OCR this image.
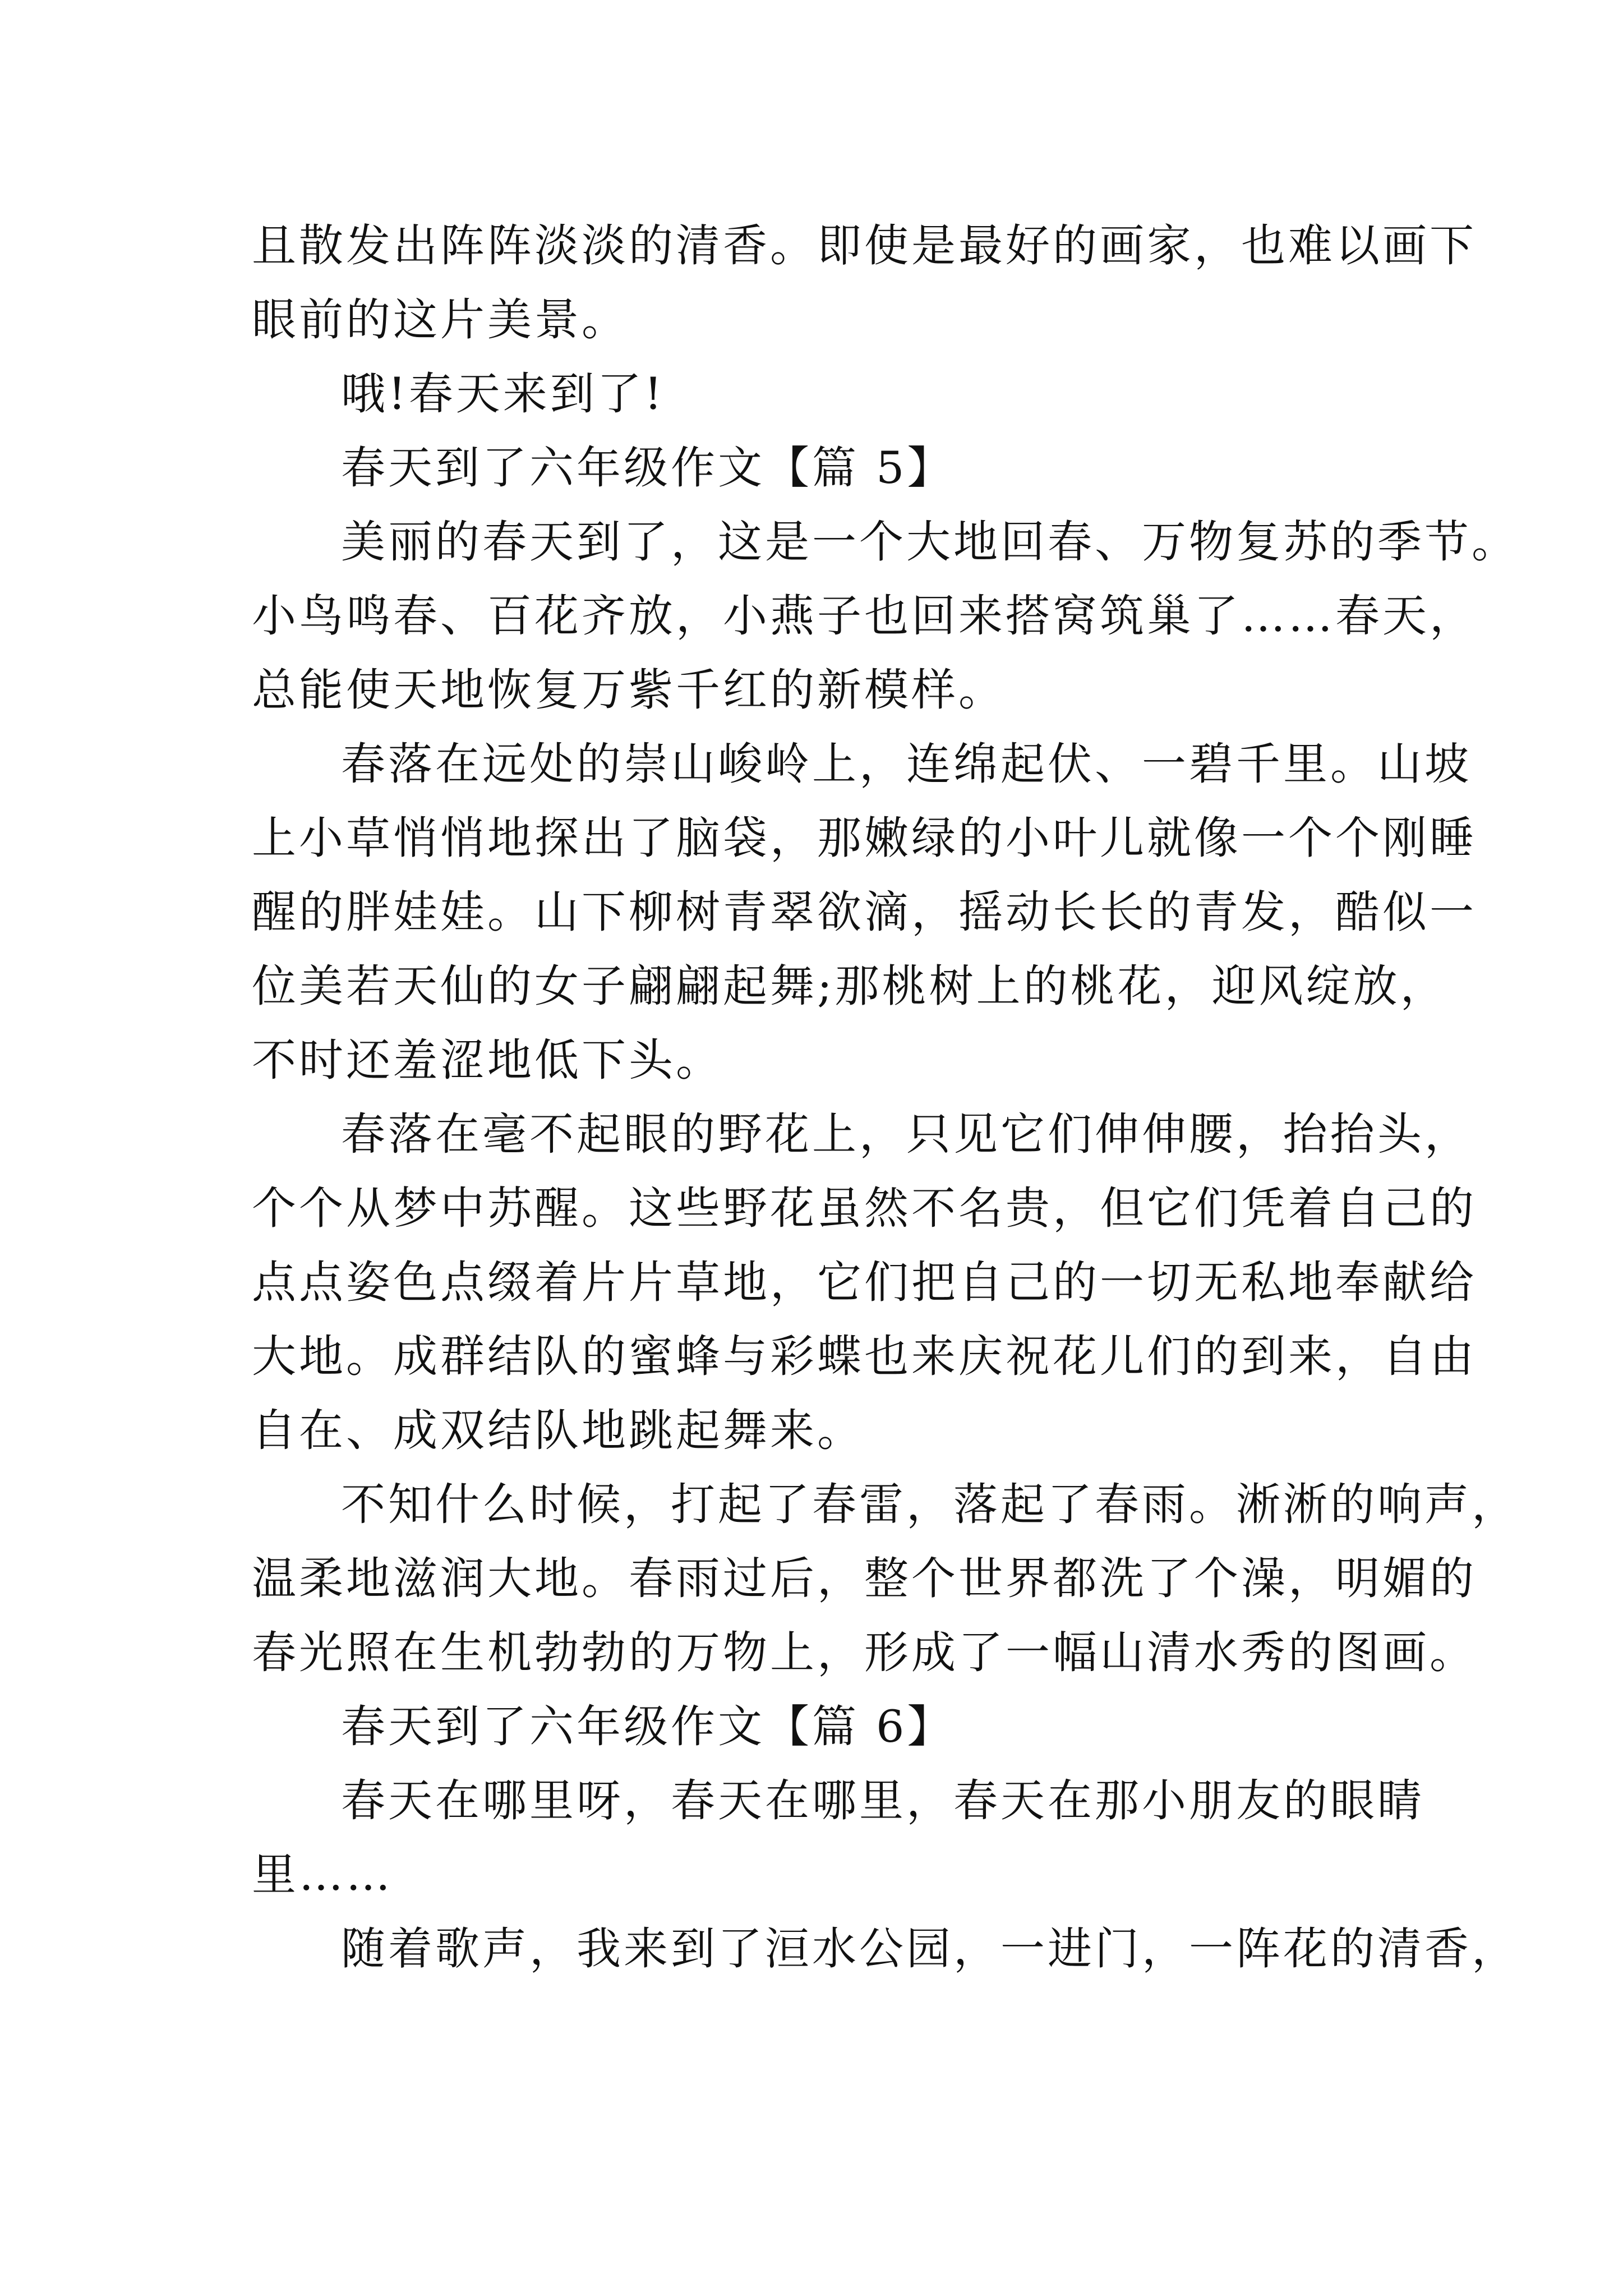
且散发出阵阵淡淡的清香。即使是最好的画家，也难以画下
眼前的这片美景。
哦!春天来到了!
春天到了六年级作文【篇 5】
美丽的春天到了，这是一个大地回春、万物复苏的季节。
小鸟鸣春、百花齐放，小燕子也回来搭窝筑巢了……春天，
总能使天地恢复万紫千红的新模样。
春落在远处的崇山峻岭上，连绵起伏、一碧千里。山坡
上小草悄悄地探出了脑袋，那嫩绿的小叶儿就像一个个刚睡
醒的胖娃娃。山下柳树青翠欲滴，摇动长长的青发，酷似一
位美若天仙的女子翩翩起舞;那桃树上的桃花，迎风绽放，
不时还羞涩地低下头。
春落在毫不起眼的野花上，只见它们伸伸腰，抬抬头，
个个从梦中苏醒。这些野花虽然不名贵，但它们凭着自己的
点点姿色点缀着片片草地，它们把自己的一切无私地奉献给
大地。成群结队的蜜蜂与彩蝶也来庆祝花儿们的到来，自由
自在、成双结队地跳起舞来。
不知什么时候，打起了春雷，落起了春雨。淅淅的响声，
温柔地滋润大地。春雨过后，整个世界都洗了个澡，明媚的
春光照在生机勃勃的万物上，形成了一幅山清水秀的图画。
春天到了六年级作文【篇 6】
春天在哪里呀，春天在哪里，春天在那小朋友的眼睛
里……
随着歌声，我来到了洹水公园，一进门，一阵花的清香，
